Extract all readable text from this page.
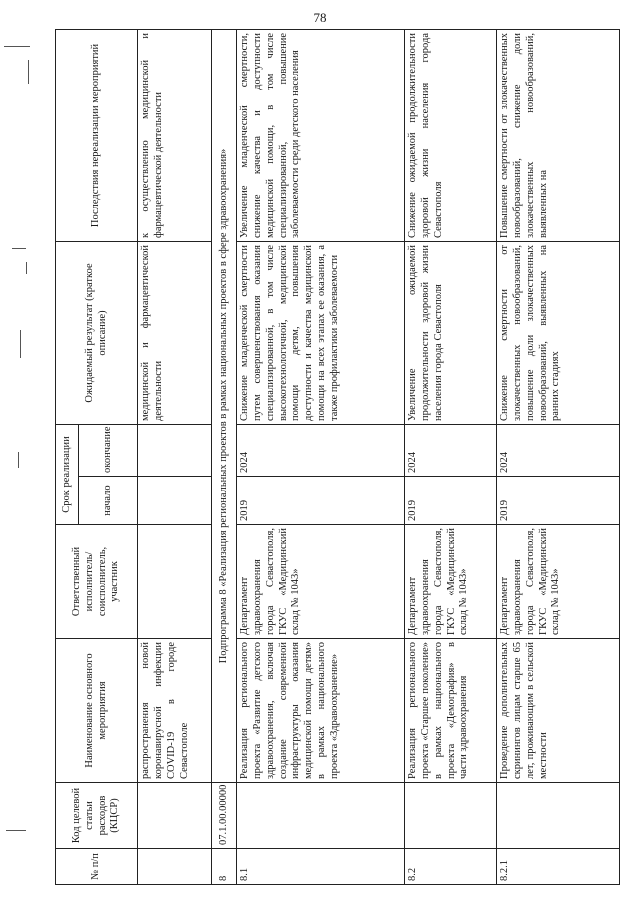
78
№ п/п	Код целевой статьи расходов (КЦСР)	Наименование основного мероприятия	Ответственный исполнитель/соисполнитель, участник	Срок реализации		Ожидаемый результат (краткое описание)	Последствия нереализации мероприятий
				начало	окончание		
		распространения новой коронавирусной инфекции COVID-19 в городе Севастополе				медицинской и фармацевтической деятельности	к осуществлению медицинской и фармацевтической деятельности
8	07.1.00.00000	Подпрограмма 8 «Реализация региональных проектов в рамках национальных проектов в сфере здравоохранения»					
8.1		Реализация регионального проекта «Развитие детского здравоохранения, включая создание современной инфраструктуры оказания медицинской помощи детям» в рамках национального проекта «Здравоохранение»	Департамент здравоохранения города Севастополя, ГКУС «Медицинский склад № 1043»	2019	2024	Снижение младенческой смертности путем совершенствования оказания специализированной, в том числе высокотехнологичной, медицинской помощи детям, повышения доступности и качества медицинской помощи на всех этапах ее оказания, а также профилактики заболеваемости	Увеличение младенческой смертности, снижение качества и доступности медицинской помощи, в том числе специализированной, повышение заболеваемости среди детского населения
8.2		Реализация регионального проекта «Старшее поколение» в рамках национального проекта «Демография» в части здравоохранения	Департамент здравоохранения города Севастополя, ГКУС «Медицинский склад № 1043»	2019	2024	Увеличение ожидаемой продолжительности здоровой жизни населения города Севастополя	Снижение ожидаемой продолжительности здоровой жизни населения города Севастополя
8.2.1		Проведение дополнительных скринингов лицам старше 65 лет, проживающим в сельской местности	Департамент здравоохранения города Севастополя, ГКУС «Медицинский склад № 1043»	2019	2024	Снижение смертности от злокачественных новообразований, повышение доли злокачественных новообразований, выявленных на ранних стадиях	Повышение смертности от злокачественных новообразований, снижение доли злокачественных новообразований, выявленных на
